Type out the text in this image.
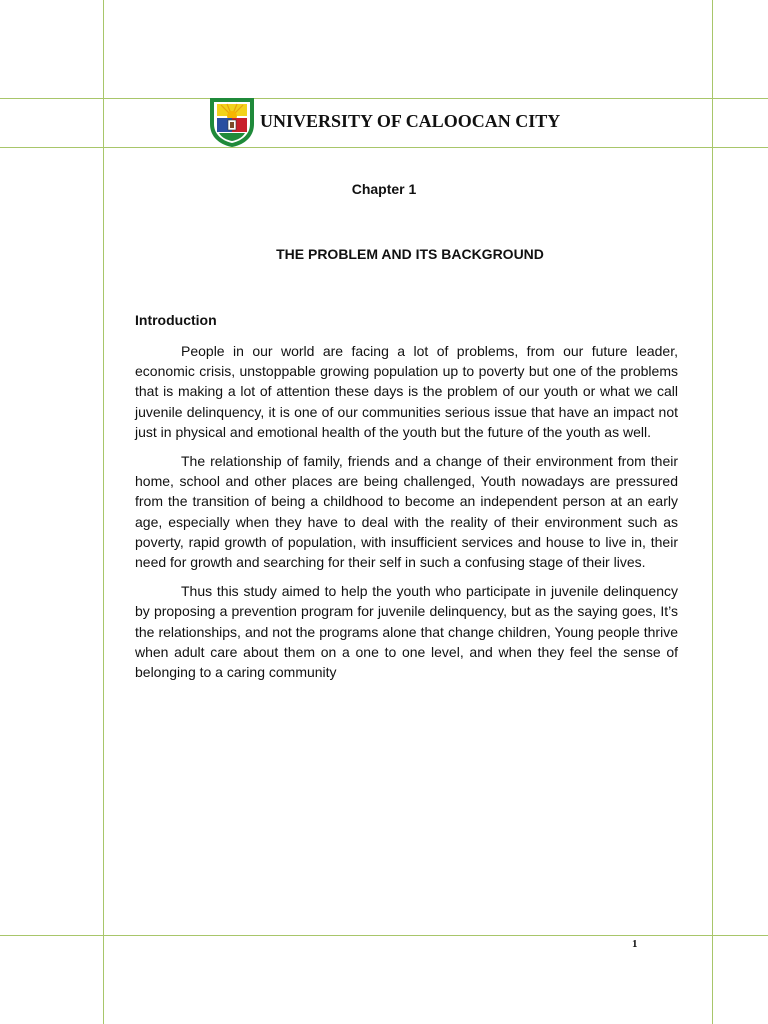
UNIVERSITY OF CALOOCAN CITY
Chapter 1
THE PROBLEM AND ITS BACKGROUND
Introduction

People in our world are facing a lot of problems, from our future leader, economic crisis, unstoppable growing population up to poverty but one of the problems that is making a lot of attention these days is the problem of our youth or what we call juvenile delinquency, it is one of our communities serious issue that have an impact not just in physical and emotional health of the youth but the future of the youth as well.

The relationship of family, friends and a change of their environment from their home, school and other places are being challenged, Youth nowadays are pressured from the transition of being a childhood to become an independent person at an early age, especially when they have to deal with the reality of their environment such as poverty, rapid growth of population, with insufficient services and house to live in, their need for growth and searching for their self in such a confusing stage of their lives.

Thus this study aimed to help the youth who participate in juvenile delinquency by proposing a prevention program for juvenile delinquency, but as the saying goes, It’s the relationships, and not the programs alone that change children, Young people thrive when adult care about them on a one to one level, and when they feel the sense of belonging to a caring community

1
